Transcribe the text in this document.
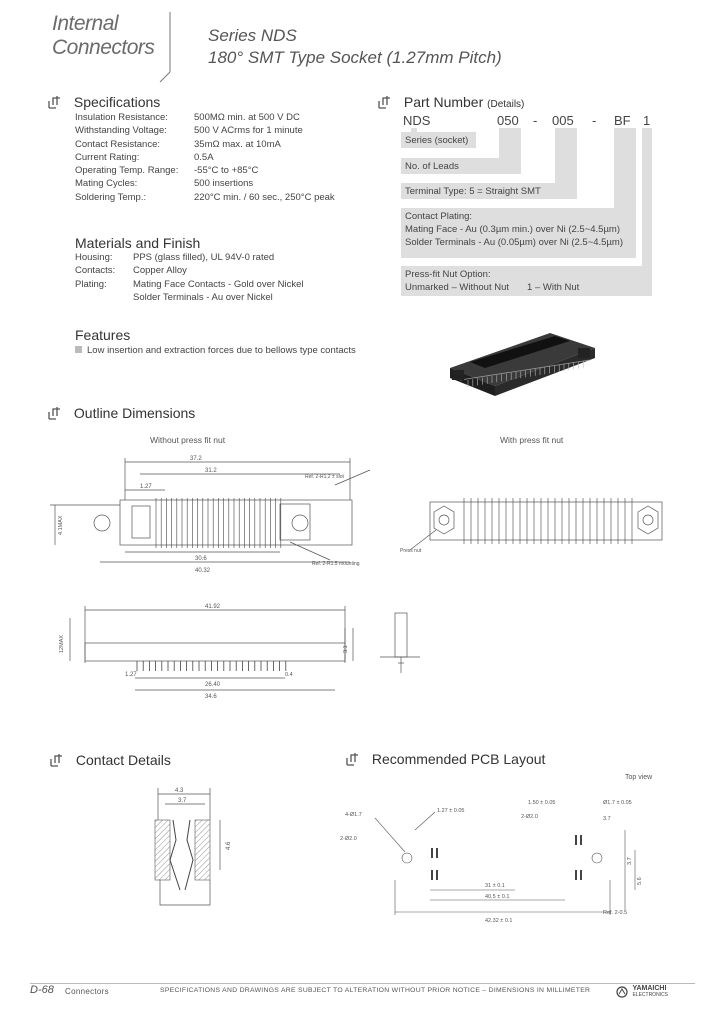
Internal
Connectors
Series NDS
180° SMT Type Socket (1.27mm Pitch)
Specifications
Insulation Resistance:	500MΩ min. at 500 V DC
Withstanding Voltage:	500 V ACrms for 1 minute
Contact Resistance:	35mΩ max. at 10mA
Current Rating:	0.5A
Operating Temp. Range:	-55°C to +85°C
Mating Cycles:	500 insertions
Soldering Temp.:	220°C min. / 60 sec., 250°C peak
Materials and Finish
Housing:	PPS (glass filled), UL 94V-0 rated
Contacts:	Copper Alloy
Plating:	Mating Face Contacts - Gold over Nickel
Solder Terminals - Au over Nickel
Features
Low insertion and extraction forces due to bellows type contacts
Part Number (Details)
NDS	050 - 005 - BF 1
Series (socket)
No. of Leads
Terminal Type: 5 = Straight SMT
Contact Plating:
Mating Face - Au (0.3µm min.) over Ni (2.5~4.5µm)
Solder Terminals - Au (0.05µm) over Ni (2.5~4.5µm)
Press-fit Nut Option:
Unmarked – Without Nut 1 – With Nut
Outline Dimensions
Without press fit nut	With press fit nut
37.2
31.2
1.27
Ref. 2-R1.2 ± slot
4.1MAX
30.6
40.32
Ref. 2-R1.5 mounting
Press nut
41.92
12MAX	3.1
1.27
26.40
34.6
0.4
Contact Details
4.3
3.7
4.6
Recommended PCB Layout
Top view
4-Ø1.7
2-Ø2.0
1.27 ± 0.05
2-Ø2.0
1.50 ± 0.05	Ø1.7 ± 0.05
3.7
31 ± 0.1
40.5 ± 0.1
42.32 ± 0.1
Ref. 2-0.5
3.7
5.6
D-68 Connectors	SPECIFICATIONS AND DRAWINGS ARE SUBJECT TO ALTERATION WITHOUT PRIOR NOTICE – DIMENSIONS IN MILLIMETER
	YAMAICHI
ELECTRONICS
